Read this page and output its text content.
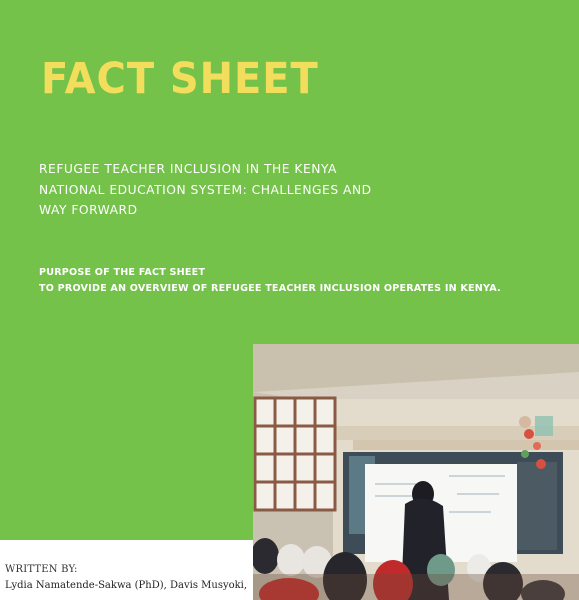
FACT SHEET
REFUGEE TEACHER INCLUSION IN THE KENYA
NATIONAL EDUCATION SYSTEM: CHALLENGES AND
WAY FORWARD
PURPOSE OF THE FACT SHEET
TO PROVIDE AN OVERVIEW OF REFUGEE TEACHER INCLUSION OPERATES IN KENYA.
WRITTEN BY:
Lydia Namatende-Sakwa (PhD), Davis Musyoki,
